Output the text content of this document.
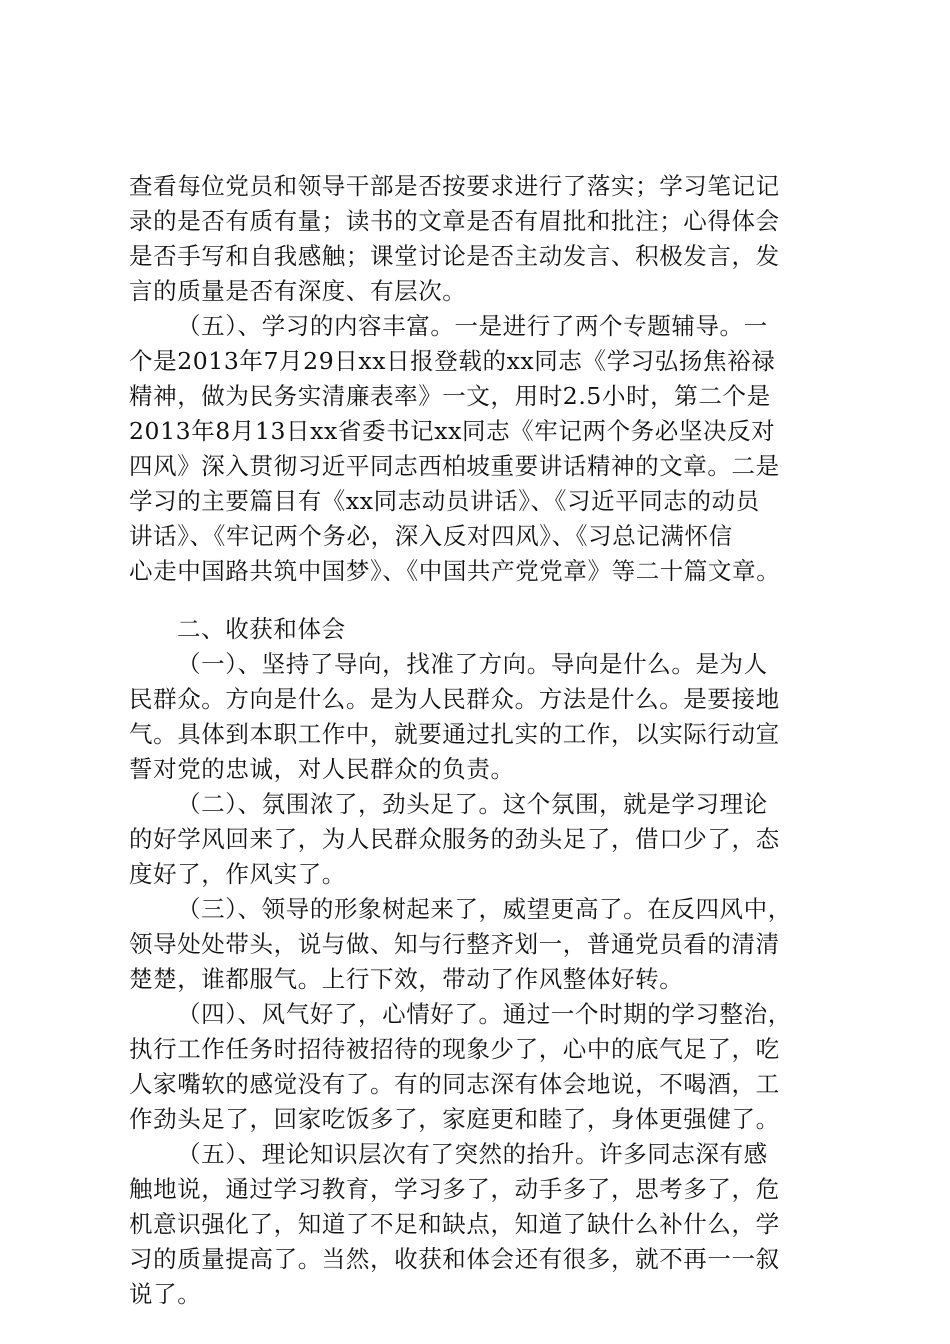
查看每位党员和领导干部是否按要求进行了落实；学习笔记记
录的是否有质有量；读书的文章是否有眉批和批注；心得体会
是否手写和自我感触；课堂讨论是否主动发言、积极发言，发
言的质量是否有深度、有层次。
（五）、学习的内容丰富。一是进行了两个专题辅导。一
个是2013年7月29日xx日报登载的xx同志《学习弘扬焦裕禄
精神，做为民务实清廉表率》一文，用时2.5小时，第二个是
2013年8月13日xx省委书记xx同志《牢记两个务必坚决反对
四风》深入贯彻习近平同志西柏坡重要讲话精神的文章。二是
学习的主要篇目有《xx同志动员讲话》、《习近平同志的动员
讲话》、《牢记两个务必，深入反对四风》、《习总记满怀信
心走中国路共筑中国梦》、《中国共产党党章》等二十篇文章。
二、收获和体会
（一）、坚持了导向，找准了方向。导向是什么。是为人
民群众。方向是什么。是为人民群众。方法是什么。是要接地
气。具体到本职工作中，就要通过扎实的工作，以实际行动宣
誓对党的忠诚，对人民群众的负责。
（二）、氛围浓了，劲头足了。这个氛围，就是学习理论
的好学风回来了，为人民群众服务的劲头足了，借口少了，态
度好了，作风实了。
（三）、领导的形象树起来了，威望更高了。在反四风中，
领导处处带头，说与做、知与行整齐划一，普通党员看的清清
楚楚，谁都服气。上行下效，带动了作风整体好转。
（四）、风气好了，心情好了。通过一个时期的学习整治，
执行工作任务时招待被招待的现象少了，心中的底气足了，吃
人家嘴软的感觉没有了。有的同志深有体会地说，不喝酒，工
作劲头足了，回家吃饭多了，家庭更和睦了，身体更强健了。
（五）、理论知识层次有了突然的抬升。许多同志深有感
触地说，通过学习教育，学习多了，动手多了，思考多了，危
机意识强化了，知道了不足和缺点，知道了缺什么补什么，学
习的质量提高了。当然，收获和体会还有很多，就不再一一叙
说了。
